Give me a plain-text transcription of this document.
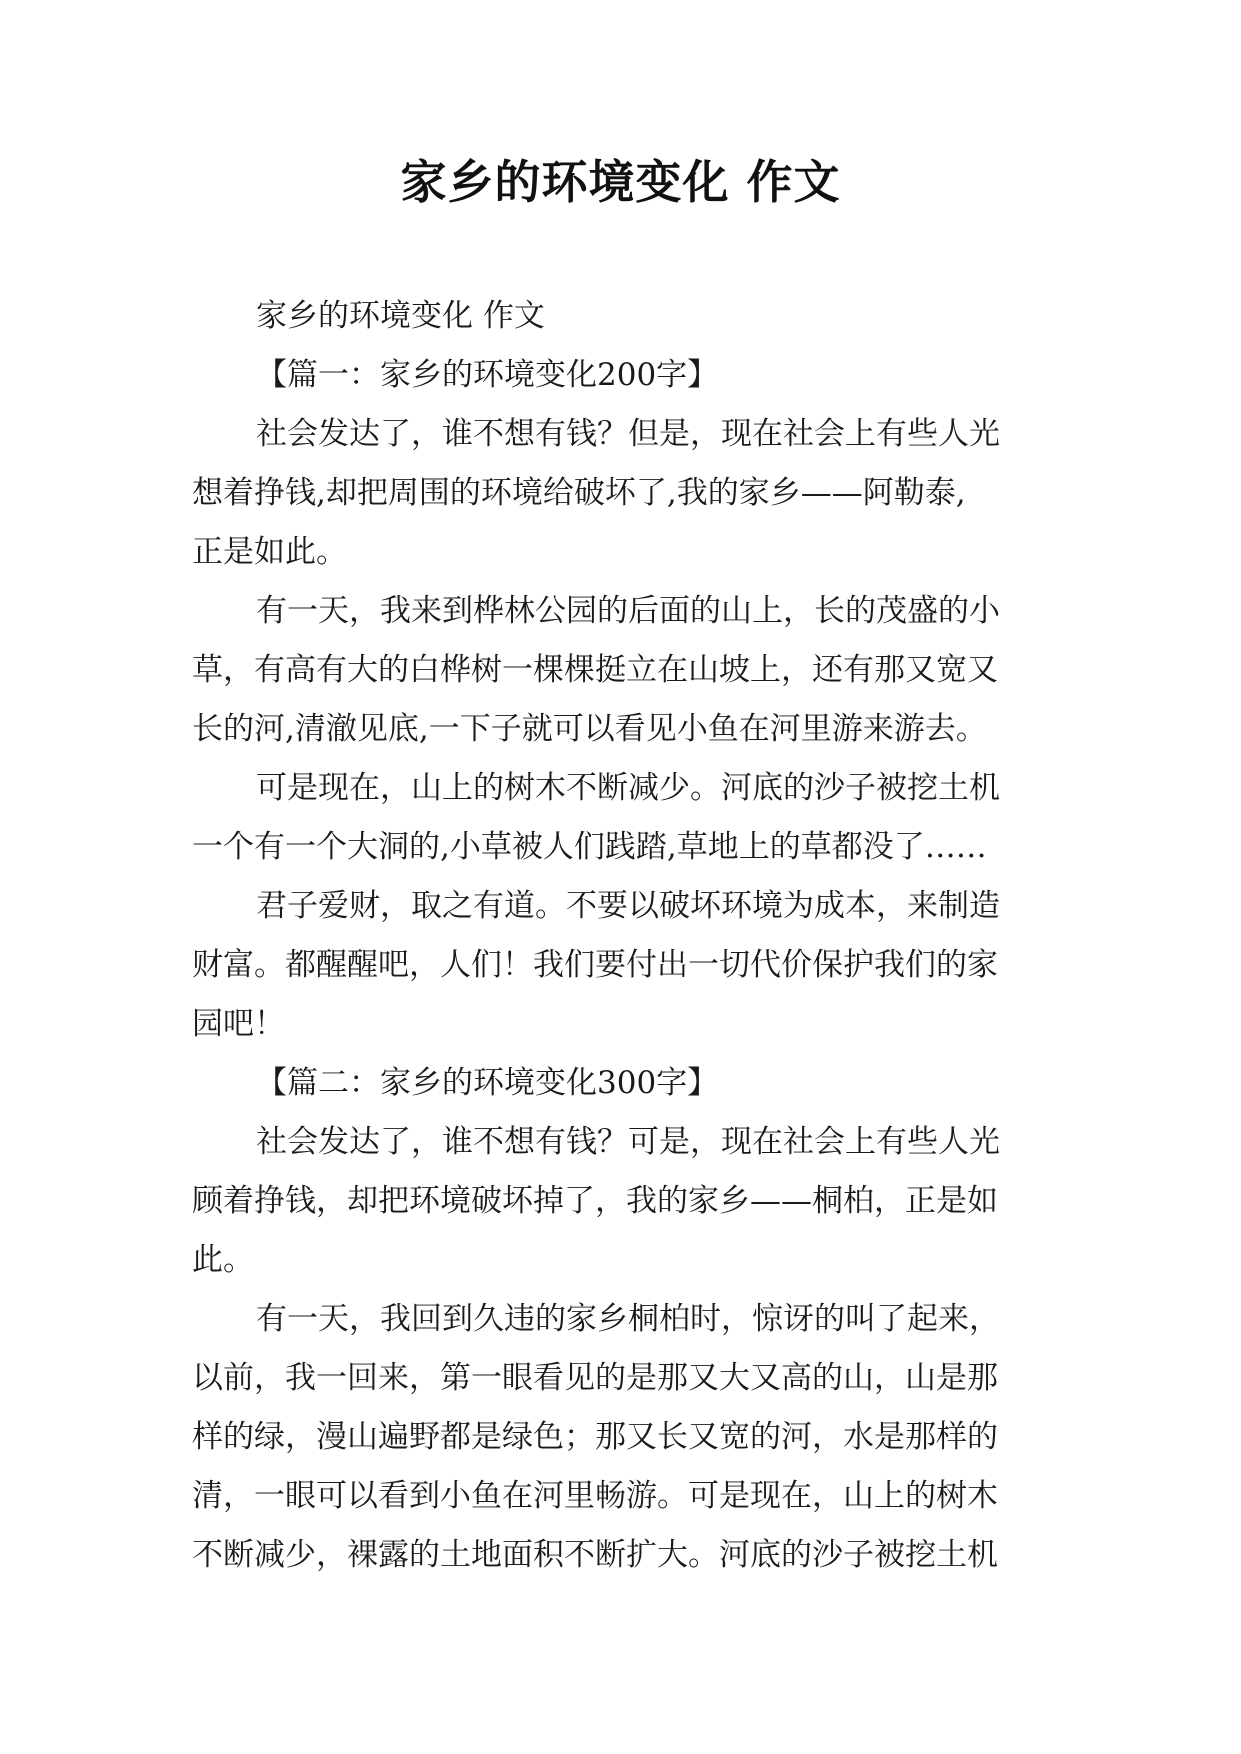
家乡的环境变化 作文
家乡的环境变化 作文
【篇一：家乡的环境变化200字】
社会发达了，谁不想有钱？但是，现在社会上有些人光
想着挣钱,却把周围的环境给破坏了,我的家乡——阿勒泰,
正是如此。
有一天，我来到桦林公园的后面的山上，长的茂盛的小
草，有高有大的白桦树一棵棵挺立在山坡上，还有那又宽又
长的河,清澈见底,一下子就可以看见小鱼在河里游来游去。
可是现在，山上的树木不断减少。河底的沙子被挖土机
一个有一个大洞的,小草被人们践踏,草地上的草都没了……
君子爱财，取之有道。不要以破坏环境为成本，来制造
财富。都醒醒吧，人们！我们要付出一切代价保护我们的家
园吧！
【篇二：家乡的环境变化300字】
社会发达了，谁不想有钱？可是，现在社会上有些人光
顾着挣钱，却把环境破坏掉了，我的家乡——桐柏，正是如
此。
有一天，我回到久违的家乡桐柏时，惊讶的叫了起来，
以前，我一回来，第一眼看见的是那又大又高的山，山是那
样的绿，漫山遍野都是绿色；那又长又宽的河，水是那样的
清，一眼可以看到小鱼在河里畅游。可是现在，山上的树木
不断减少，裸露的土地面积不断扩大。河底的沙子被挖土机
